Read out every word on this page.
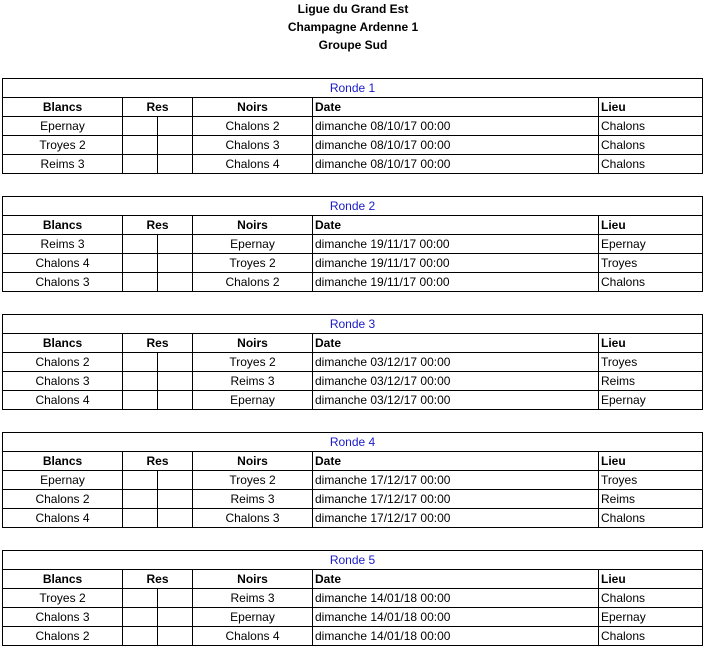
Ligue du Grand Est
Champagne Ardenne 1
Groupe Sud
Ronde 1					
Blancs	Res		Noirs	Date	Lieu
Epernay			Chalons 2	dimanche 08/10/17 00:00	Chalons
Troyes 2			Chalons 3	dimanche 08/10/17 00:00	Chalons
Reims 3			Chalons 4	dimanche 08/10/17 00:00	Chalons
Ronde 2					
Blancs	Res		Noirs	Date	Lieu
Reims 3			Epernay	dimanche 19/11/17 00:00	Epernay
Chalons 4			Troyes 2	dimanche 19/11/17 00:00	Troyes
Chalons 3			Chalons 2	dimanche 19/11/17 00:00	Chalons
Ronde 3					
Blancs	Res		Noirs	Date	Lieu
Chalons 2			Troyes 2	dimanche 03/12/17 00:00	Troyes
Chalons 3			Reims 3	dimanche 03/12/17 00:00	Reims
Chalons 4			Epernay	dimanche 03/12/17 00:00	Epernay
Ronde 4					
Blancs	Res		Noirs	Date	Lieu
Epernay			Troyes 2	dimanche 17/12/17 00:00	Troyes
Chalons 2			Reims 3	dimanche 17/12/17 00:00	Reims
Chalons 4			Chalons 3	dimanche 17/12/17 00:00	Chalons
Ronde 5					
Blancs	Res		Noirs	Date	Lieu
Troyes 2			Reims 3	dimanche 14/01/18 00:00	Chalons
Chalons 3			Epernay	dimanche 14/01/18 00:00	Epernay
Chalons 2			Chalons 4	dimanche 14/01/18 00:00	Chalons
